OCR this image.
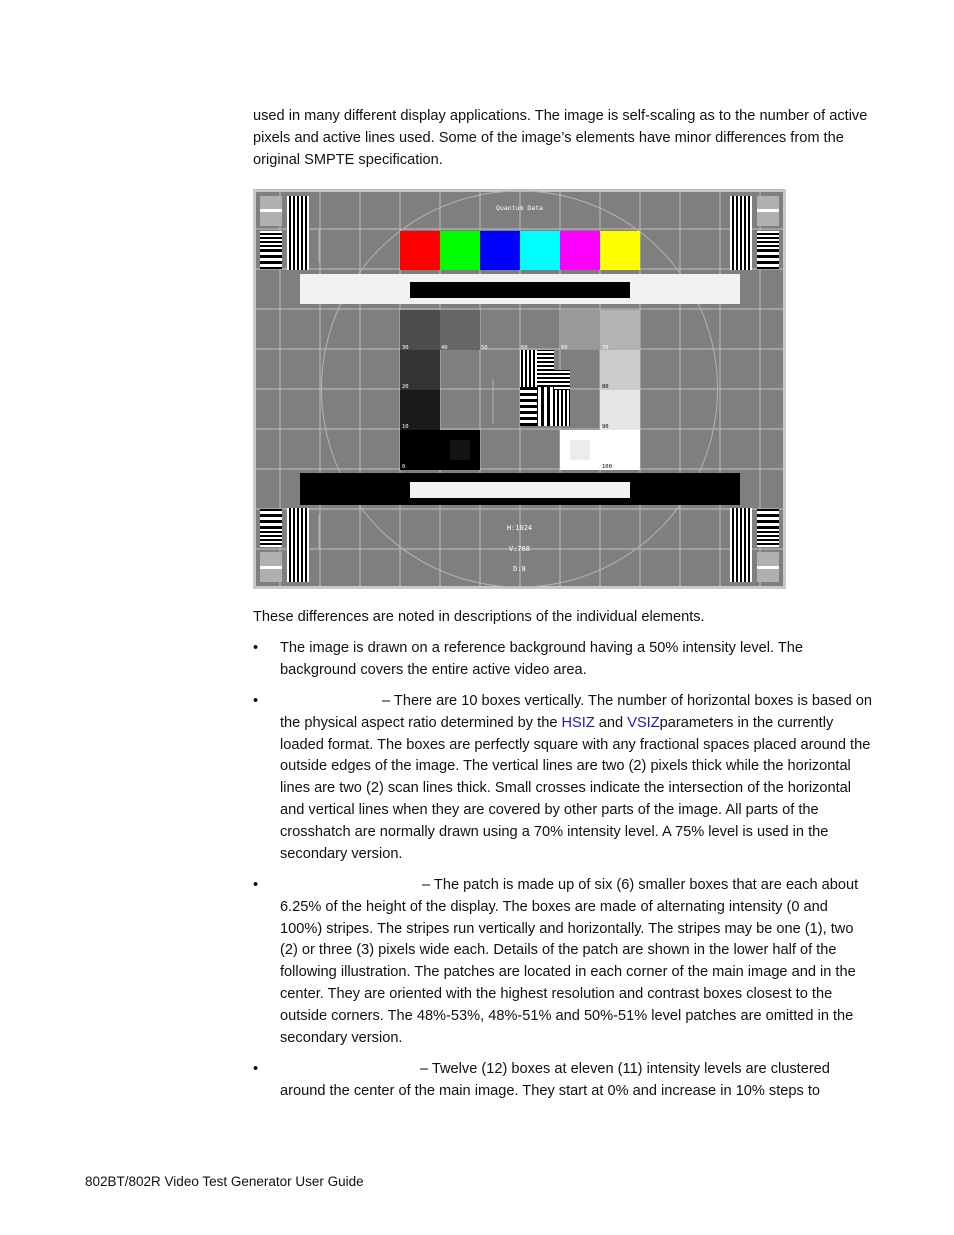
used in many different display applications. The image is self-scaling as to the number of active pixels and active lines used. Some of the image’s elements have minor differences from the original SMPTE specification.

Quantum Data
H:1024
V:768
D:8
30	40	50	60	60	70
20	80
10	90
0	100

These differences are noted in descriptions of the individual elements.

•	The image is drawn on a reference background having a 50% intensity level. The background covers the entire active video area.
•	– There are 10 boxes vertically. The number of horizontal boxes is based on the physical aspect ratio determined by the HSIZ and VSIZparameters in the currently loaded format. The boxes are perfectly square with any fractional spaces placed around the outside edges of the image. The vertical lines are two (2) pixels thick while the horizontal lines are two (2) scan lines thick. Small crosses indicate the intersection of the horizontal and vertical lines when they are covered by other parts of the image. All parts of the crosshatch are normally drawn using a 70% intensity level. A 75% level is used in the secondary version.
•	– The patch is made up of six (6) smaller boxes that are each about 6.25% of the height of the display. The boxes are made of alternating intensity (0 and 100%) stripes. The stripes run vertically and horizontally. The stripes may be one (1), two (2) or three (3) pixels wide each. Details of the patch are shown in the lower half of the following illustration. The patches are located in each corner of the main image and in the center. They are oriented with the highest resolution and contrast boxes closest to the outside corners. The 48%-53%, 48%-51% and 50%-51% level patches are omitted in the secondary version.
•	– Twelve (12) boxes at eleven (11) intensity levels are clustered around the center of the main image. They start at 0% and increase in 10% steps to
802BT/802R Video Test Generator User Guide
